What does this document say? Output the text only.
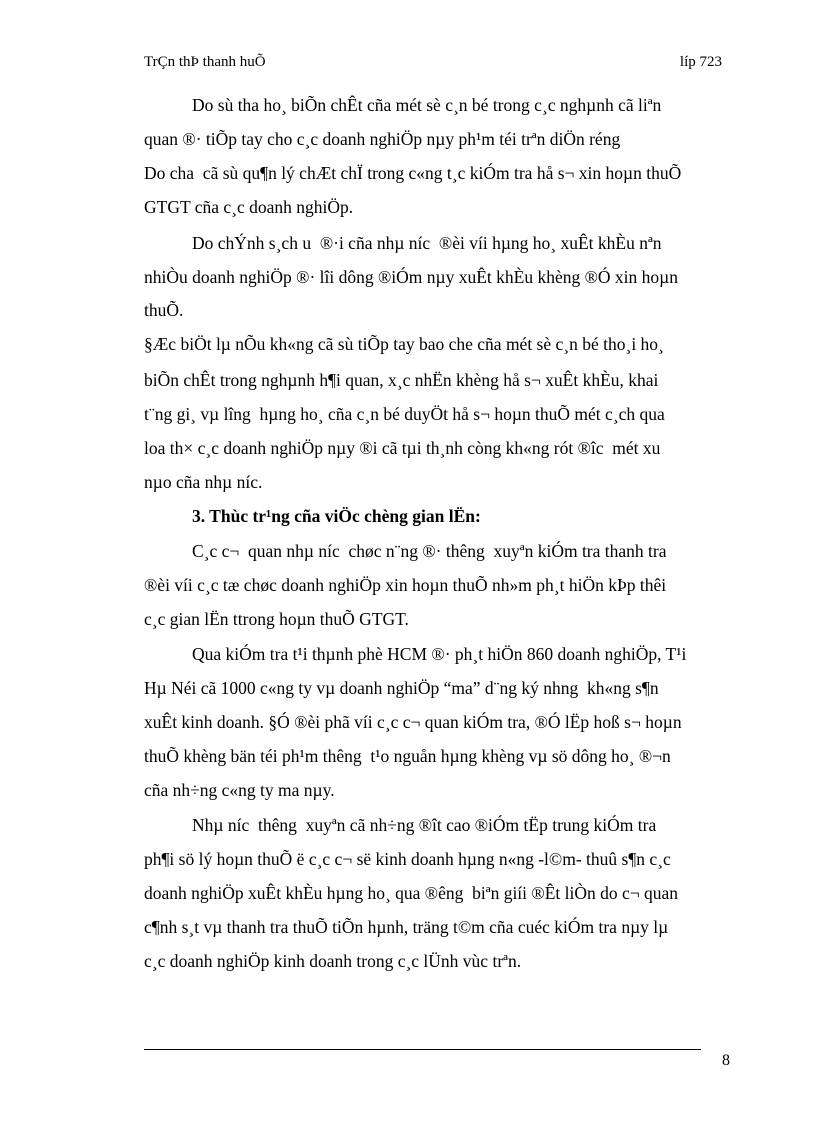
TrÇn thÞ thanh huÕ	líp 723
Do sù tha ho¸ biÕn chÊt cña mét sè c¸n bé trong c¸c nghµnh cã liªn
quan ®· tiÕp tay cho c¸c doanh nghiÖp nµy ph¹m téi trªn diÖn réng
Do cha  cã sù qu¶n lý chÆt chÏ trong c«ng t¸c kiÓm tra hå s¬ xin hoµn thuÕ
GTGT cña c¸c doanh nghiÖp.
Do chÝnh s¸ch u  ®·i cña nhµ níc  ®èi víi hµng ho¸ xuÊt khÈu nªn
nhiÒu doanh nghiÖp ®· lîi dông ®iÓm nµy xuÊt khÈu khèng ®Ó xin hoµn
thuÕ.
§Æc biÖt lµ nÕu kh«ng cã sù tiÕp tay bao che cña mét sè c¸n bé tho¸i ho¸
biÕn chÊt trong nghµnh h¶i quan, x¸c nhËn khèng hå s¬ xuÊt khÈu, khai
t¨ng gi¸ vµ lîng  hµng ho¸ cña c¸n bé duyÖt hå s¬ hoµn thuÕ mét c¸ch qua
loa th× c¸c doanh nghiÖp nµy ®i cã tµi th¸nh còng kh«ng rót ®îc  mét xu
nµo cña nhµ níc.
3. Thùc tr¹ng cña viÖc chèng gian lËn:
C¸c c¬  quan nhµ níc  chøc n¨ng ®· thêng  xuyªn kiÓm tra thanh tra
®èi víi c¸c tæ chøc doanh nghiÖp xin hoµn thuÕ nh»m ph¸t hiÖn kÞp thêi
c¸c gian lËn ttrong hoµn thuÕ GTGT.
Qua kiÓm tra t¹i thµnh phè HCM ®· ph¸t hiÖn 860 doanh nghiÖp, T¹i
Hµ Néi cã 1000 c«ng ty vµ doanh nghiÖp “ma” d¨ng ký nhng  kh«ng s¶n
xuÊt kinh doanh. §Ó ®èi phã víi c¸c c¬ quan kiÓm tra, ®Ó lËp hoß s¬ hoµn
thuÕ khèng bän téi ph¹m thêng  t¹o nguån hµng khèng vµ sö dông ho¸ ®¬n
cña nh÷ng c«ng ty ma nµy.
Nhµ níc  thêng  xuyªn cã nh÷ng ®ît cao ®iÓm tËp trung kiÓm tra
ph¶i sö lý hoµn thuÕ ë c¸c c¬ së kinh doanh hµng n«ng -l©m- thuû s¶n c¸c
doanh nghiÖp xuÊt khÈu hµng ho¸ qua ®êng  biªn giíi ®Êt liÒn do c¬ quan
c¶nh s¸t vµ thanh tra thuÕ tiÕn hµnh, träng t©m cña cuéc kiÓm tra nµy lµ
c¸c doanh nghiÖp kinh doanh trong c¸c lÜnh vùc trªn.
8
